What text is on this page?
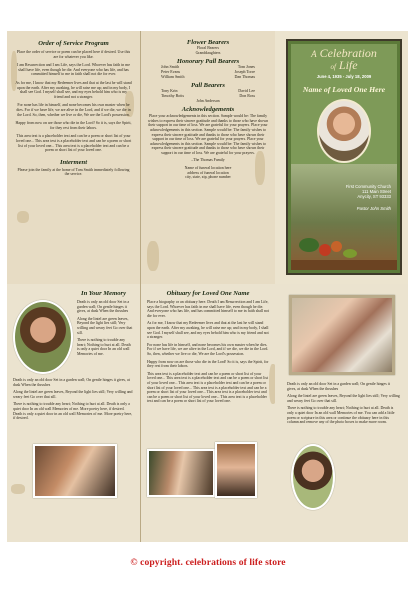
Order of Service Program

Place the order of service or poem can be placed here if desired. Use this are for whatever you like.

I am Resurrection and I am Life, says the Lord. Whoever has faith in me shall have life, even though he die. And everyone who has life, and has committed himself to me in faith shall not die for ever.

As for me, I know that my Redeemer lives and that at the last he will stand upon the earth. After my awaking, he will raise me up; and in my body, I shall see God. I myself shall see, and my eyes behold him who is my friend and not a stranger.

For none has life in himself, and none becomes his own master when he dies. For if we have life, we are alive in the Lord, and if we die, we die in the Lord. So, then, whether we live or die, We are the Lord's possession.

Happy from now on are those who die in the Lord! So it is, says the Spirit, for they rest from their labors.

This area text is a placeholder text and can be a poem or short list of your loved one... This area text is a placeholder text and can be a poem or short list of your loved one... This area text is a placeholder text and can be a poem or short list of your loved one.

Interment

Please join the family at the home of Tom Smith immediately following the service.

Flower Bearers

Floral Bearers

Granddaughters

Honorary Pall Bearers

John Smith	Tom Jones
Peter Evans	Joseph Torre
William Smith	Dan Thomas

Pall Bearers

Tony Krin	David Lee
Timothy Botts	Don Ross

John Anderson

Acknowledgements

Place your acknowledgements in this section. Sample would be: The family wishes to express their sincere gratitude and thanks to those who have shown their support in our time of loss. We are grateful for your prayers. Place your acknowledgements in this section. Sample would be: The family wishes to express their sincere gratitude and thanks to those who have shown their support in our time of loss. We are grateful for your prayers. Place your acknowledgements in this section. Sample would be: The family wishes to express their sincere gratitude and thanks to those who have shown their support in our time of loss. We are grateful for your prayers.

–The Thomas Family

Name of funeral location here

address of funeral location

city, state, zip, phone number

A Celebration
of Life
June 4, 1935 - July 18, 2009
Name of Loved One Here
First Community Church
111 Main Street
Anycity, ST 93333
Pastor John Smith

In Your Memory

Death is only an old door Set in a garden wall; On gentle hinges it gives, at dusk When the thrushes

Along the lintel are green leaves, Beyond the light lies still; Very willing and weary feet Go over that sill.

There is nothing to trouble any heart; Nothing to hurt at all. Death is only a quiet door In an old wall Memories of me.

Death is only an old door Set in a garden wall; On gentle hinges it gives, at dusk When the thrushes

Along the lintel are green leaves, Beyond the light lies still; Very willing and weary feet Go over that sill.

There is nothing to trouble any heart; Nothing to hurt at all. Death is only a quiet door In an old wall Memories of me. More poetry here, if desired. Death is only a quiet door in an old wall Memories of me. More poetry here, if desired.

Obituary for Loved One Name

Place a biography or an obituary here. Death I am Resurrection and I am Life, says the Lord. Whoever has faith in me shall have life, even though he die. And everyone who has life, and has committed himself to me in faith shall not die for ever.

As for me, I know that my Redeemer lives and that at the last he will stand upon the earth. After my awaking, he will raise me up; and in my body, I shall see God. I myself shall see, and my eyes behold him who is my friend and not a stranger.

For none has life in himself, and none becomes his own master when he dies. For if we have life, we are alive in the Lord, and if we die, we die in the Lord. So, then, whether we live or die, We are the Lord's possession.

Happy from now on are those who die in the Lord! So it is, says the Spirit, for they rest from their labors.

This area text is a placeholder text and can be a poem or short list of your loved one... This area text is a placeholder text and can be a poem or short list of your loved one... This area text is a placeholder text and can be a poem or short list of your loved one... This area text is a placeholder text and can be a poem or short list of your loved one... This area text is a placeholder text and can be a poem or short list of your loved one... This area text is a placeholder text and can be a poem or short list of your loved one.

Death is only an old door Set in a garden wall; On gentle hinges it gives, at dusk When the thrushes

Along the lintel are green leaves, Beyond the light lies still; Very willing and weary feet Go over that sill.

There is nothing to trouble any heart; Nothing to hurt at all. Death is only a quiet door In an old wall Memories of me. You can add a little poem or scripture in this area or continue the obituary here in this column and remove any of the photo boxes to make more room.

© copyright. celebrations of life store
